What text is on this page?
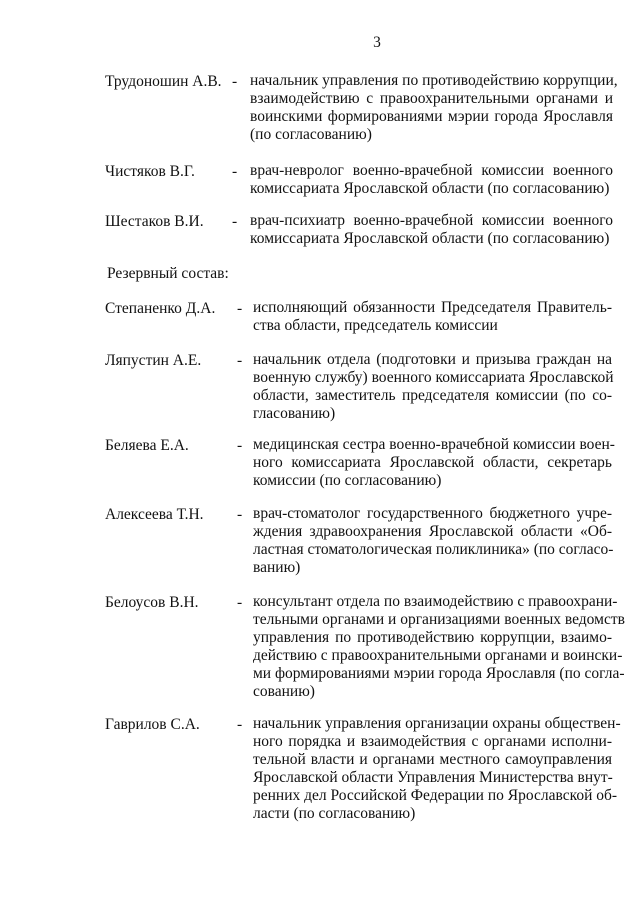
3
Трудоношин А.В. - начальник управления по противодействию коррупции,
взаимодействию с правоохранительными органами и
воинскими формированиями мэрии города Ярославля
(по согласованию)
Чистяков В.Г. - врач-невролог военно-врачебной комиссии военного
комиссариата Ярославской области (по согласованию)
Шестаков В.И. - врач-психиатр военно-врачебной комиссии военного
комиссариата Ярославской области (по согласованию)
Резервный состав:
Степаненко Д.А. - исполняющий обязанности Председателя Правитель-
ства области, председатель комиссии
Ляпустин А.Е. - начальник отдела (подготовки и призыва граждан на
военную службу) военного комиссариата Ярославской
области, заместитель председателя комиссии (по со-
гласованию)
Беляева Е.А.	- медицинская сестра военно-врачебной комиссии воен-
ного комиссариата Ярославской области, секретарь
комиссии (по согласованию)
Алексеева Т.Н. - врач-стоматолог государственного бюджетного учре-
ждения здравоохранения Ярославской области «Об-
ластная стоматологическая поликлиника» (по согласо-
ванию)
Белоусов В.Н. - консультант отдела по взаимодействию с правоохрани-
тельными органами и организациями военных ведомств
управления по противодействию коррупции, взаимо-
действию с правоохранительными органами и воински-
ми формированиями мэрии города Ярославля (по согла-
сованию)
Гаврилов С.А. - начальник управления организации охраны обществен-
ного порядка и взаимодействия с органами исполни-
тельной власти и органами местного самоуправления
Ярославской области Управления Министерства внут-
ренних дел Российской Федерации по Ярославской об-
ласти (по согласованию)
